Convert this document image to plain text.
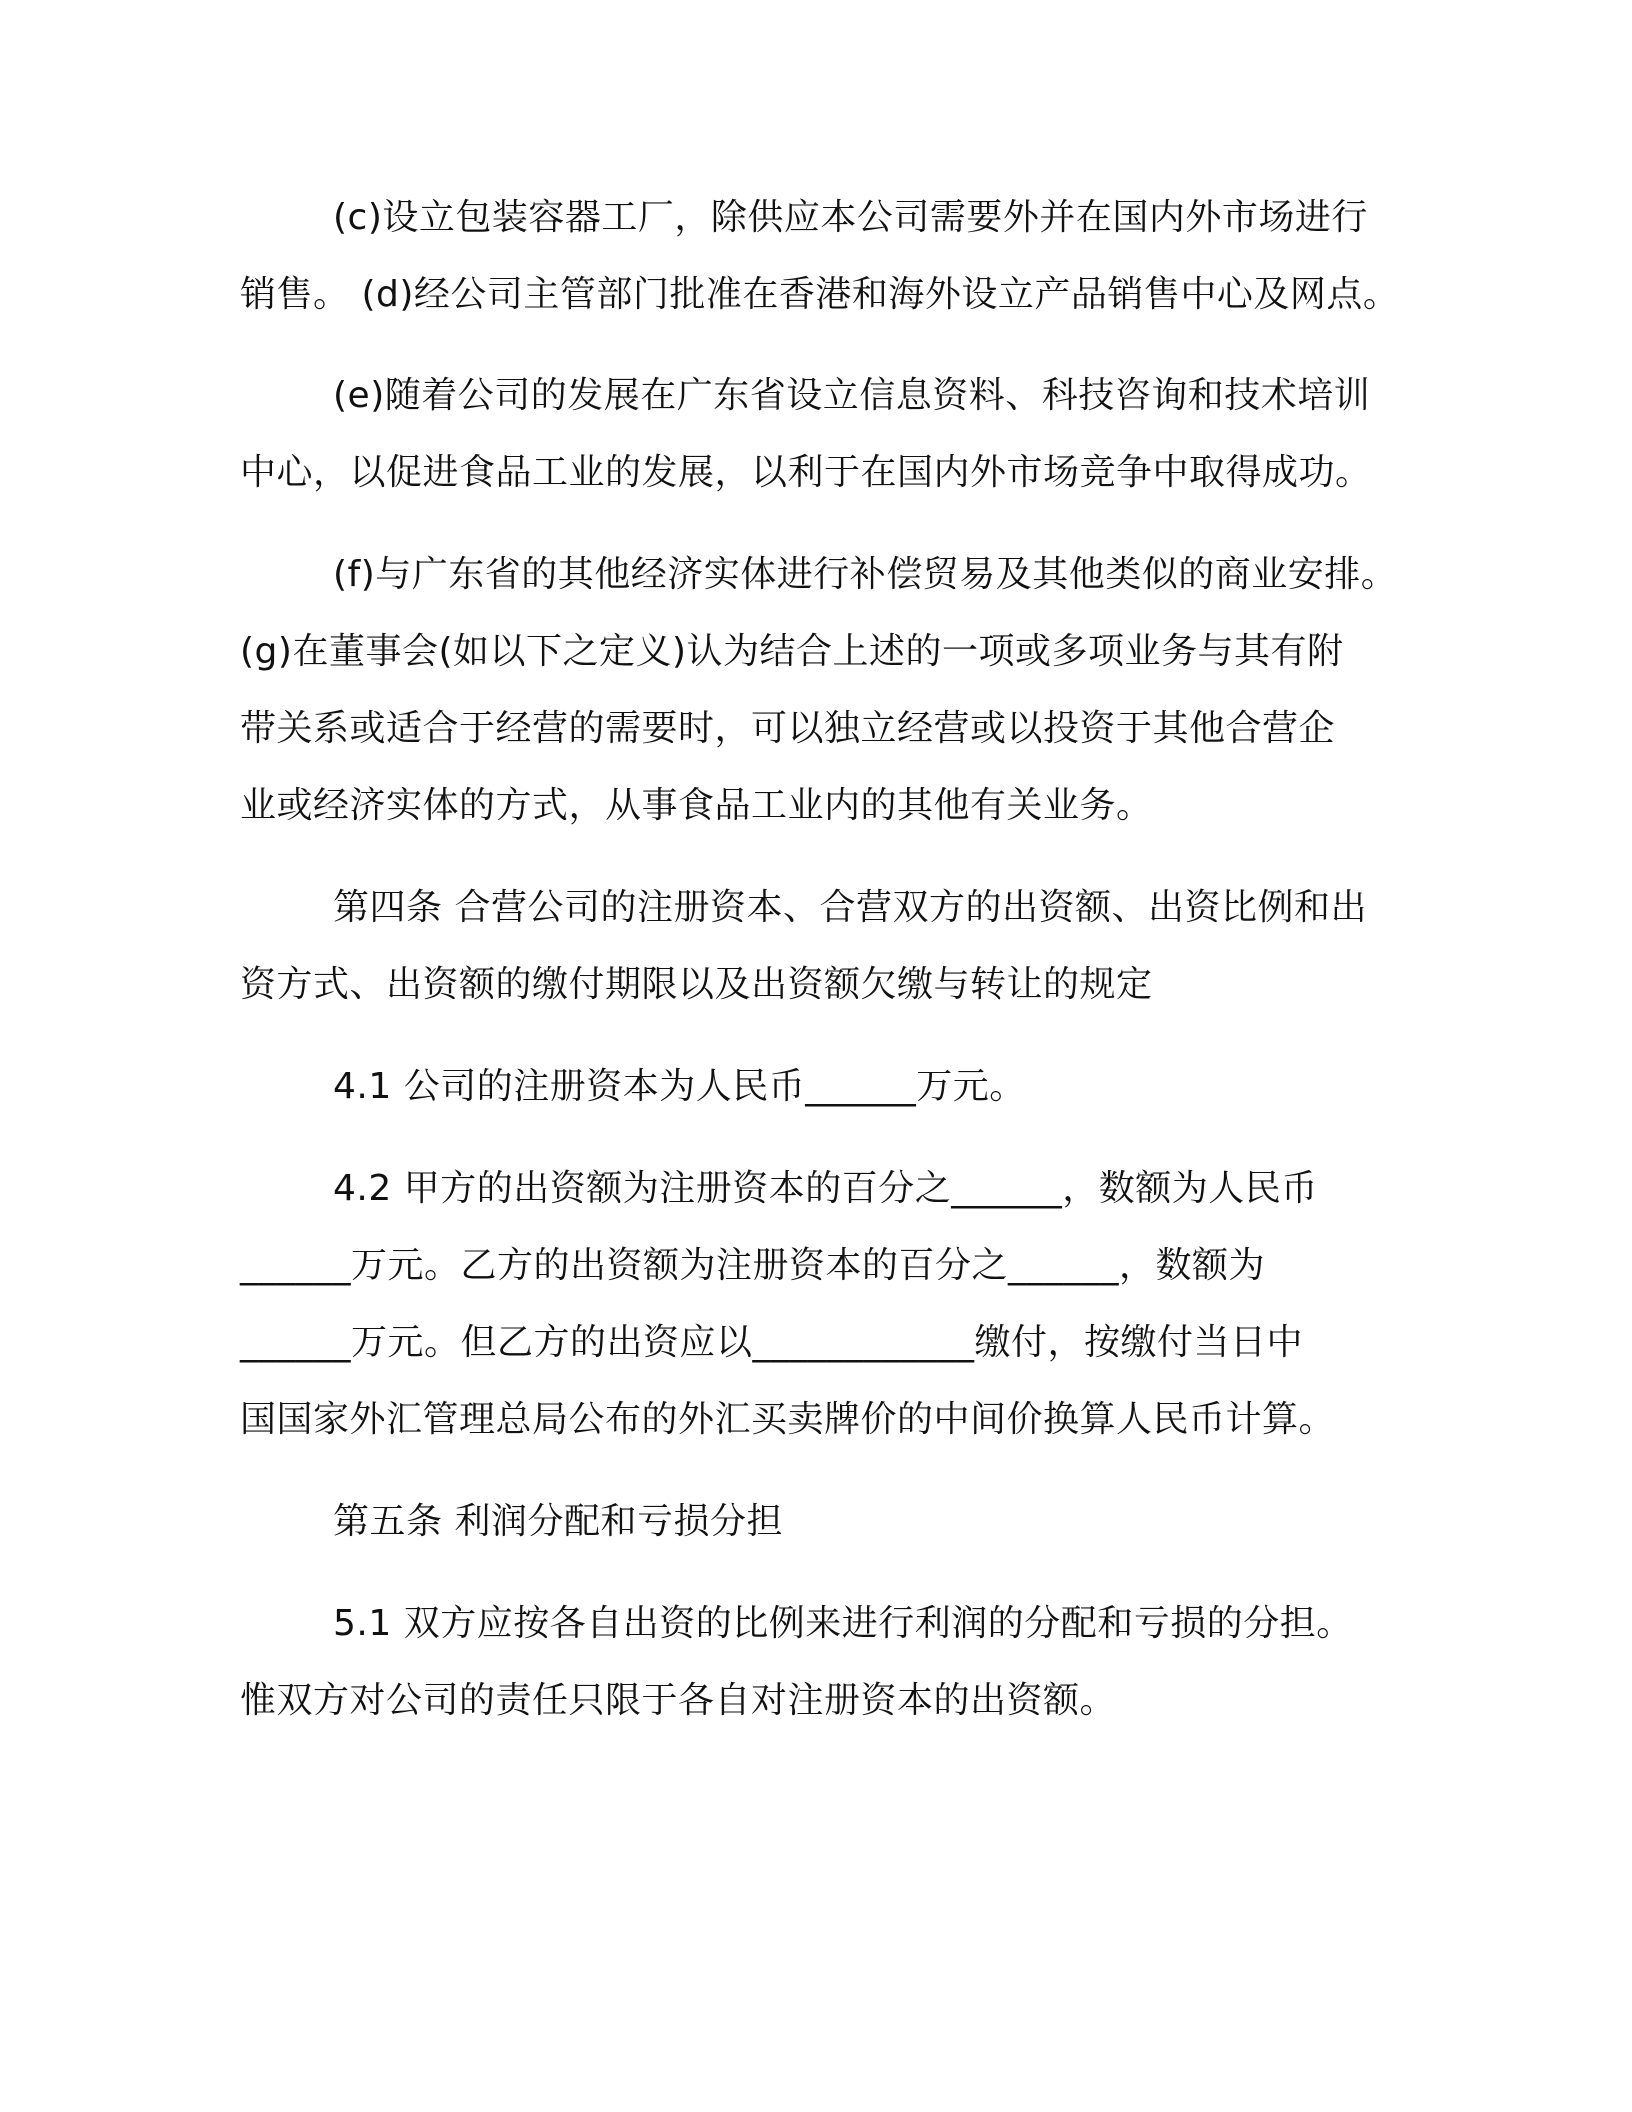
(c)设立包装容器工厂，除供应本公司需要外并在国内外市场进行
销售。 (d)经公司主管部门批准在香港和海外设立产品销售中心及网点。
(e)随着公司的发展在广东省设立信息资料、科技咨询和技术培训
中心，以促进食品工业的发展，以利于在国内外市场竞争中取得成功。
(f)与广东省的其他经济实体进行补偿贸易及其他类似的商业安排。
(g)在董事会(如以下之定义)认为结合上述的一项或多项业务与其有附
带关系或适合于经营的需要时，可以独立经营或以投资于其他合营企
业或经济实体的方式，从事食品工业内的其他有关业务。
第四条 合营公司的注册资本、合营双方的出资额、出资比例和出
资方式、出资额的缴付期限以及出资额欠缴与转让的规定
4.1 公司的注册资本为人民币______万元。
4.2 甲方的出资额为注册资本的百分之______，数额为人民币
______万元。乙方的出资额为注册资本的百分之______，数额为
______万元。但乙方的出资应以____________缴付，按缴付当日中
国国家外汇管理总局公布的外汇买卖牌价的中间价换算人民币计算。
第五条 利润分配和亏损分担
5.1 双方应按各自出资的比例来进行利润的分配和亏损的分担。
惟双方对公司的责任只限于各自对注册资本的出资额。
